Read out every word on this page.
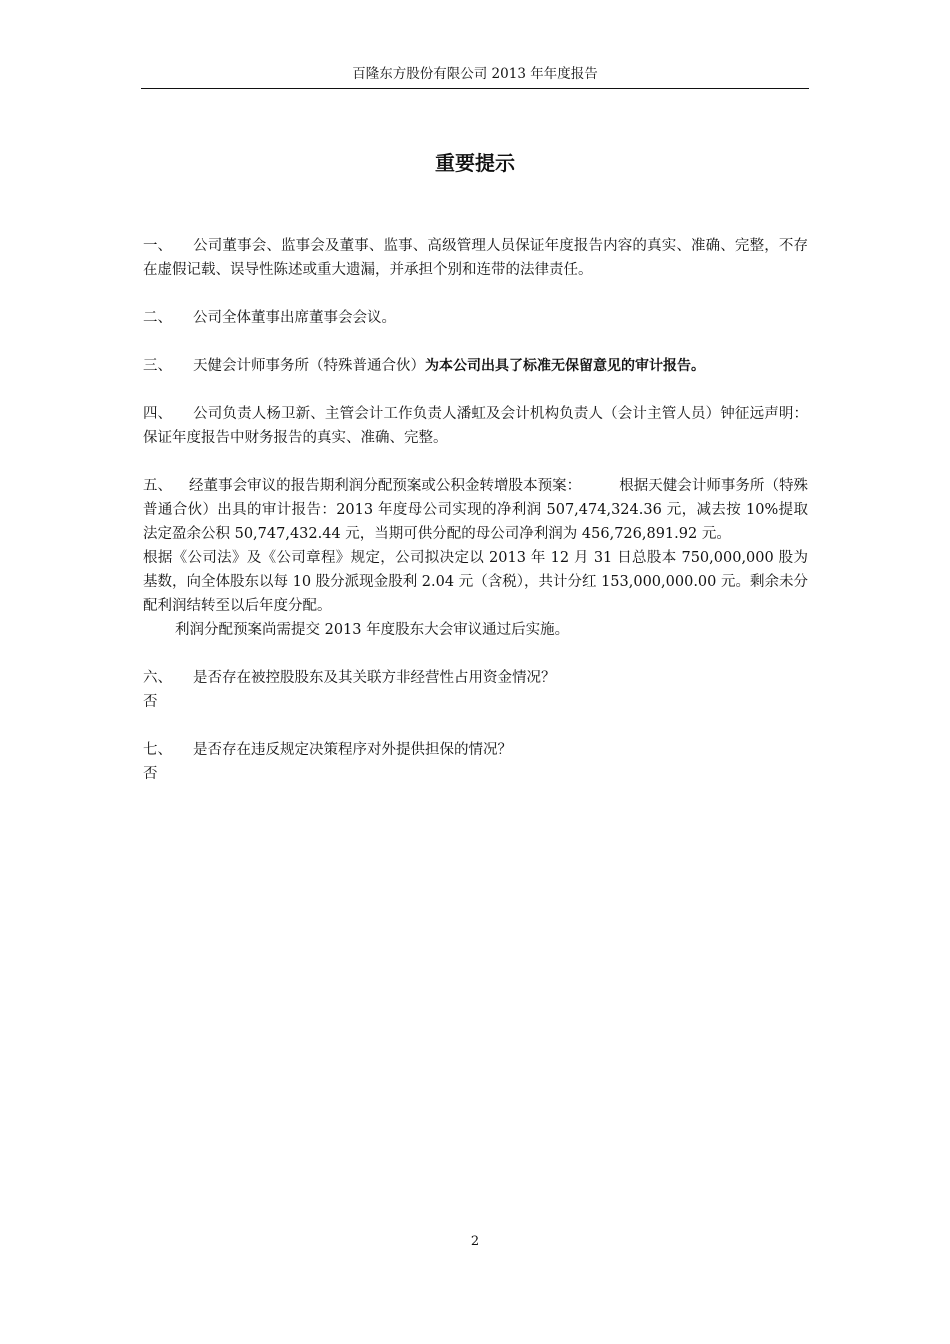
百隆东方股份有限公司 2013 年年度报告
重要提示
一、 公司董事会、监事会及董事、监事、高级管理人员保证年度报告内容的真实、准确、完整，不存在虚假记载、误导性陈述或重大遗漏，并承担个别和连带的法律责任。
二、 公司全体董事出席董事会会议。
三、 天健会计师事务所（特殊普通合伙）为本公司出具了标准无保留意见的审计报告。
四、 公司负责人杨卫新、主管会计工作负责人潘虹及会计机构负责人（会计主管人员）钟征远声明：保证年度报告中财务报告的真实、准确、完整。

五、 经董事会审议的报告期利润分配预案或公积金转增股本预案：	根据天健会计师事务所（特殊普通合伙）出具的审计报告：2013 年度母公司实现的净利润 507,474,324.36 元，减去按 10%提取法定盈余公积 50,747,432.44 元，当期可供分配的母公司净利润为 456,726,891.92 元。

根据《公司法》及《公司章程》规定，公司拟决定以 2013 年 12 月 31 日总股本 750,000,000 股为基数，向全体股东以每 10 股分派现金股利 2.04 元（含税），共计分红 153,000,000.00 元。剩余未分配利润结转至以后年度分配。

利润分配预案尚需提交 2013 年度股东大会审议通过后实施。

六、 是否存在被控股股东及其关联方非经营性占用资金情况？

否

七、 是否存在违反规定决策程序对外提供担保的情况？

否

2
